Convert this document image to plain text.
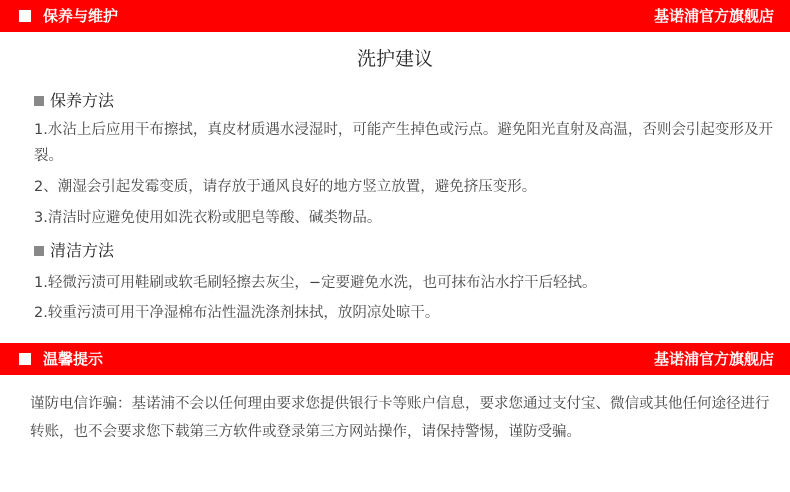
保养与维护	基诺浦官方旗舰店
洗护建议
保养方法
1.水沾上后应用干布擦拭，真皮材质遇水浸湿时，可能产生掉色或污点。避免阳光直射及高温，否则会引起变形及开裂。
2、潮湿会引起发霉变质，请存放于通风良好的地方竖立放置，避免挤压变形。
3.清洁时应避免使用如洗衣粉或肥皂等酸、碱类物品。
清洁方法
1.轻微污渍可用鞋刷或软毛刷轻擦去灰尘，−定要避免水洗，也可抹布沾水拧干后轻拭。
2.较重污渍可用干净湿棉布沾性温洗涤剂抹拭，放阴凉处晾干。
温馨提示	基诺浦官方旗舰店
谨防电信诈骗：基诺浦不会以任何理由要求您提供银行卡等账户信息，要求您通过支付宝、微信或其他任何途径进行转账，也不会要求您下载第三方软件或登录第三方网站操作，请保持警惕，谨防受骗。
